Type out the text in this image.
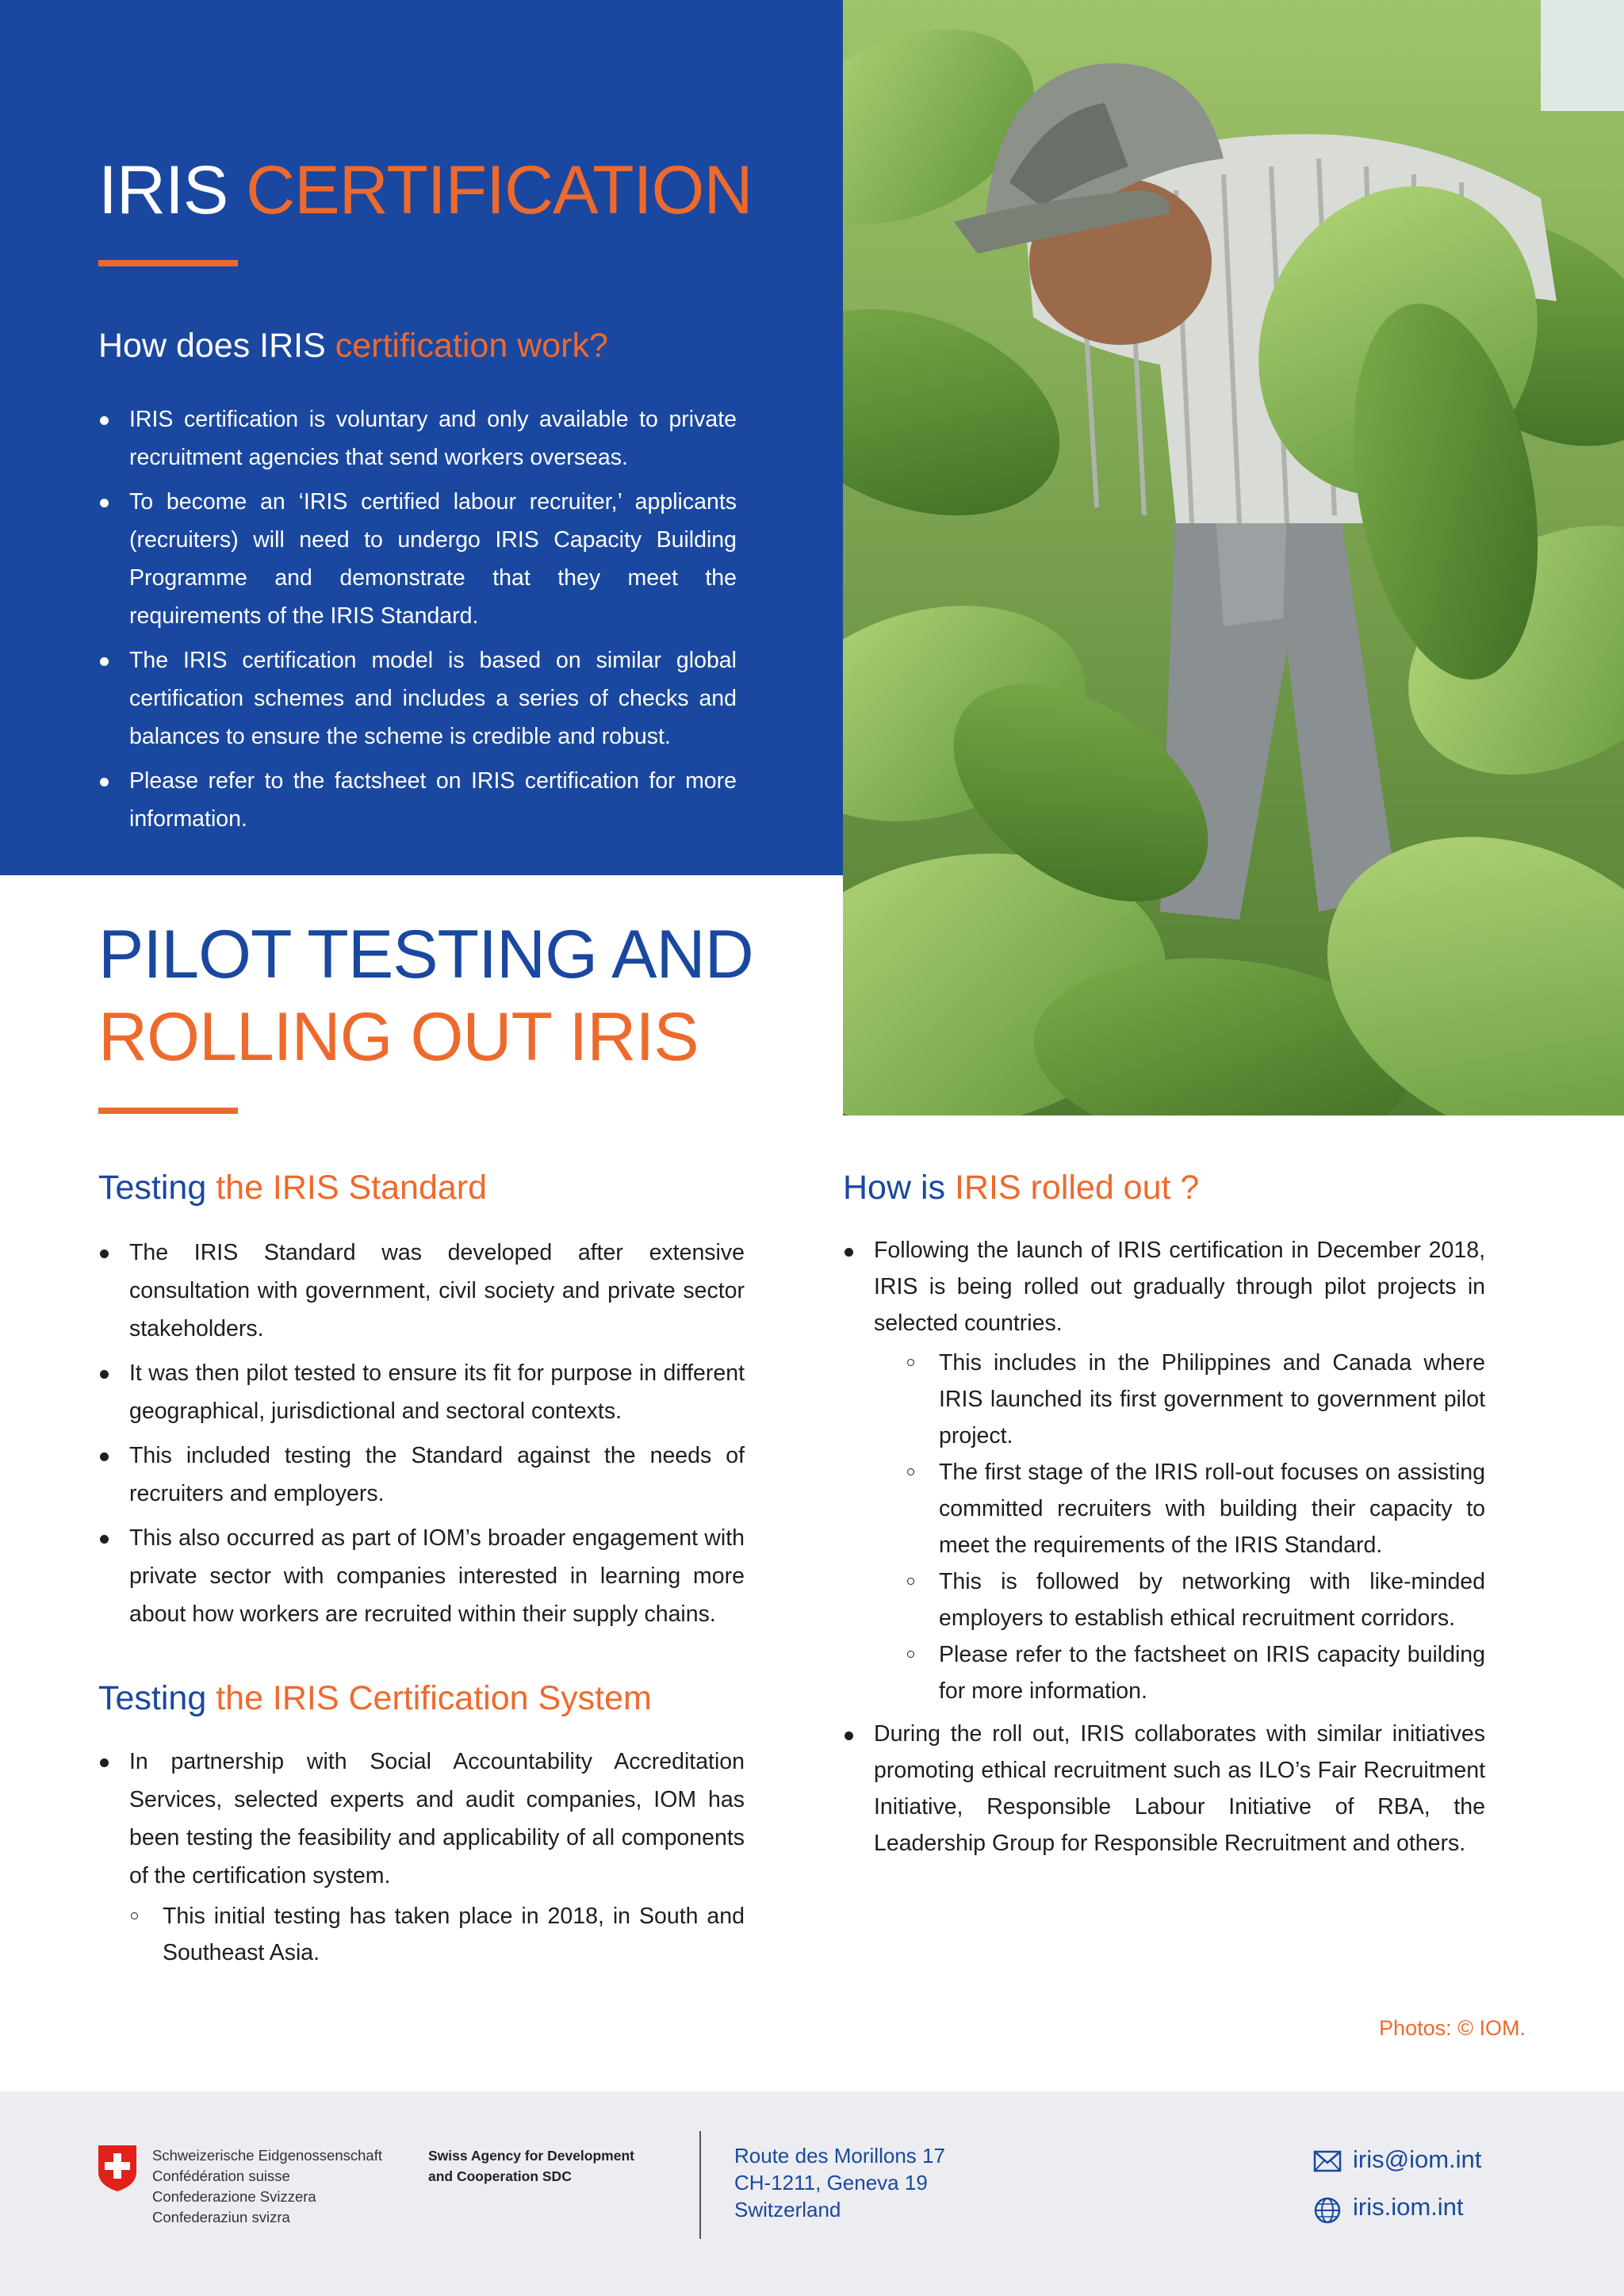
IRIS CERTIFICATION
How does IRIS certification work?
IRIS certification is voluntary and only available to private recruitment agencies that send workers overseas.
To become an ‘IRIS certified labour recruiter,’ applicants (recruiters) will need to undergo IRIS Capacity Building Programme and demonstrate that they meet the requirements of the IRIS Standard.
The IRIS certification model is based on similar global certification schemes and includes a series of checks and balances to ensure the scheme is credible and robust.
Please refer to the factsheet on IRIS certification for more information.
PILOT TESTING AND
ROLLING OUT IRIS
Testing the IRIS Standard
The IRIS Standard was developed after extensive consultation with government, civil society and private sector stakeholders.
It was then pilot tested to ensure its fit for purpose in different geographical, jurisdictional and sectoral contexts.
This included testing the Standard against the needs of recruiters and employers.
This also occurred as part of IOM’s broader engagement with private sector with companies interested in learning more about how workers are recruited within their supply chains.
Testing the IRIS Certification System
In partnership with Social Accountability Accreditation Services, selected experts and audit companies, IOM has been testing the feasibility and applicability of all components of the certification system.
This initial testing has taken place in 2018, in South and Southeast Asia.
How is IRIS rolled out ?
Following the launch of IRIS certification in December 2018, IRIS is being rolled out gradually through pilot projects in selected countries.
This includes in the Philippines and Canada where IRIS launched its first government to government pilot project.
The first stage of the IRIS roll-out focuses on assisting committed recruiters with building their capacity to meet the requirements of the IRIS Standard.
This is followed by networking with like-minded employers to establish ethical recruitment corridors.
Please refer to the factsheet on IRIS capacity building for more information.
During the roll out, IRIS collaborates with similar initiatives promoting ethical recruitment such as ILO’s Fair Recruitment Initiative, Responsible Labour Initiative of RBA, the Leadership Group for Responsible Recruitment and others.
Photos: © IOM.
Schweizerische Eidgenossenschaft
Confédération suisse
Confederazione Svizzera
Confederaziun svizra
Swiss Agency for Development
and Cooperation SDC
Route des Morillons 17
CH-1211, Geneva 19
Switzerland
iris@iom.int
iris.iom.int
